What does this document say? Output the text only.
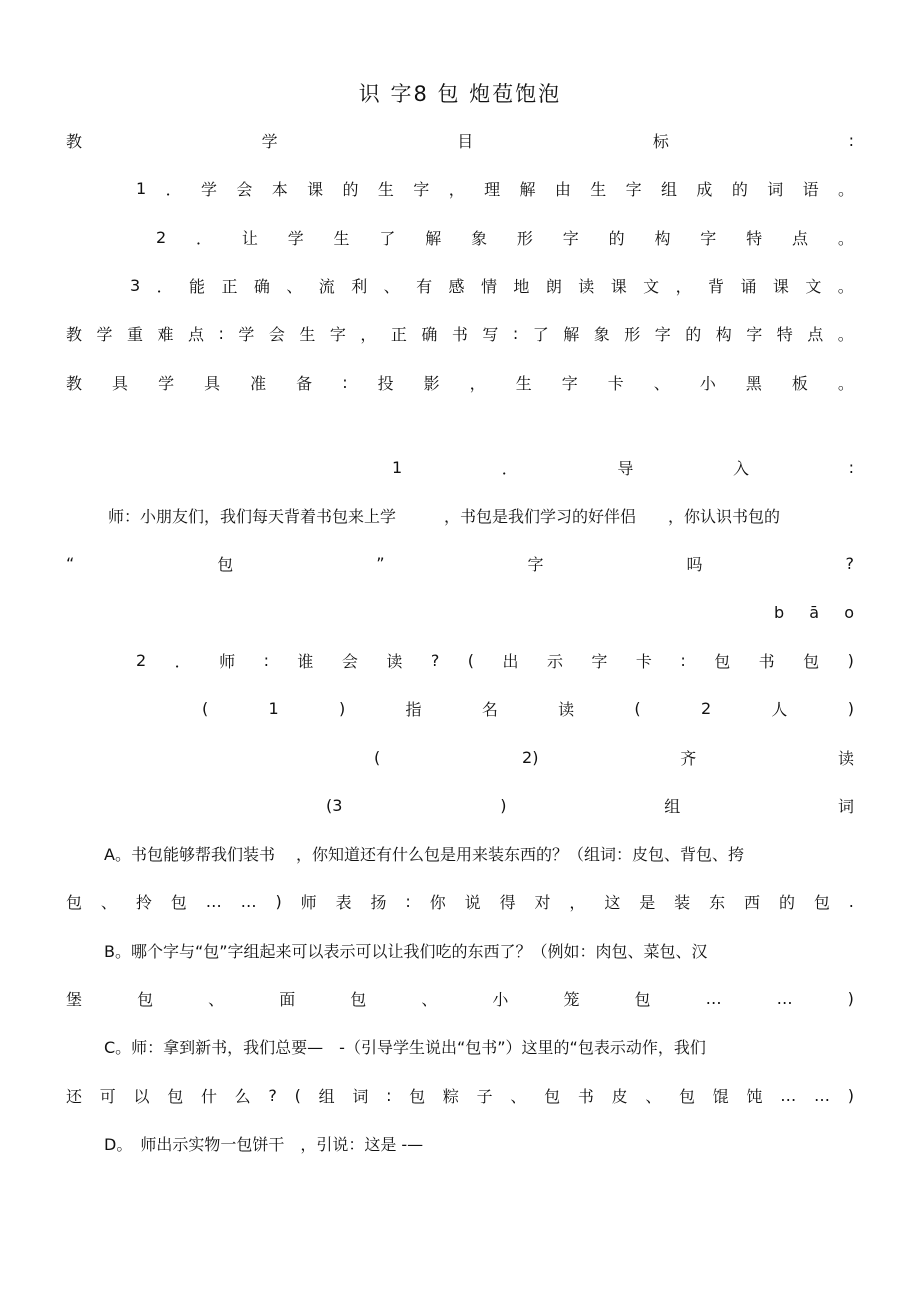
识 字8 包 炮苞饱泡
教	学	目	标	:
1 ． 学 会 本 课 的 生 字 ， 理 解 由 生 字 组 成 的 词 语 。
2 ． 让 学 生 了 解 象 形 字 的 构 字 特 点 。
3 ． 能 正 确 、 流 利 、 有 感 情 地 朗 读 课 文 ， 背 诵 课 文 。
教 学 重 难 点 : 学 会 生 字 ， 正 确 书 写 : 了 解 象 形 字 的 构 字 特 点 。
教 具 学 具 准 备 : 投 影 ， 生 字 卡 、 小 黑 板 。
1	．	导	入	:
师：小朋友们，我们每天背着书包来上学　　　，书包是我们学习的好伴侣　　，你认识书包的
“	包	”	字	吗	?
b ā o
2 ． 师 : 谁 会 读 ? ( 出 示 字 卡 : 包 书 包 )
(	1	)	指	名	读	(	2	人	)
(	2)	齐	读
(3	)	组	词
A。书包能够帮我们装书　 ，你知道还有什么包是用来装东西的？（组词：皮包、背包、挎
包 、 拎 包 … … ) 师 表 扬 : 你 说 得 对 ， 这 是 装 东 西 的 包 .
B。哪个字与“包”字组起来可以表示可以让我们吃的东西了？（例如：肉包、菜包、汉
堡	包	、	面	包	、	小	笼	包	…	…	)
C。师：拿到新书，我们总要—　-（引导学生说出“包书”）这里的“包表示动作，我们
还 可 以 包 什 么 ? ( 组 词 : 包 粽 子 、 包 书 皮 、 包 馄 饨 … … )
D。　师出示实物一包饼干　，引说：这是 -—
